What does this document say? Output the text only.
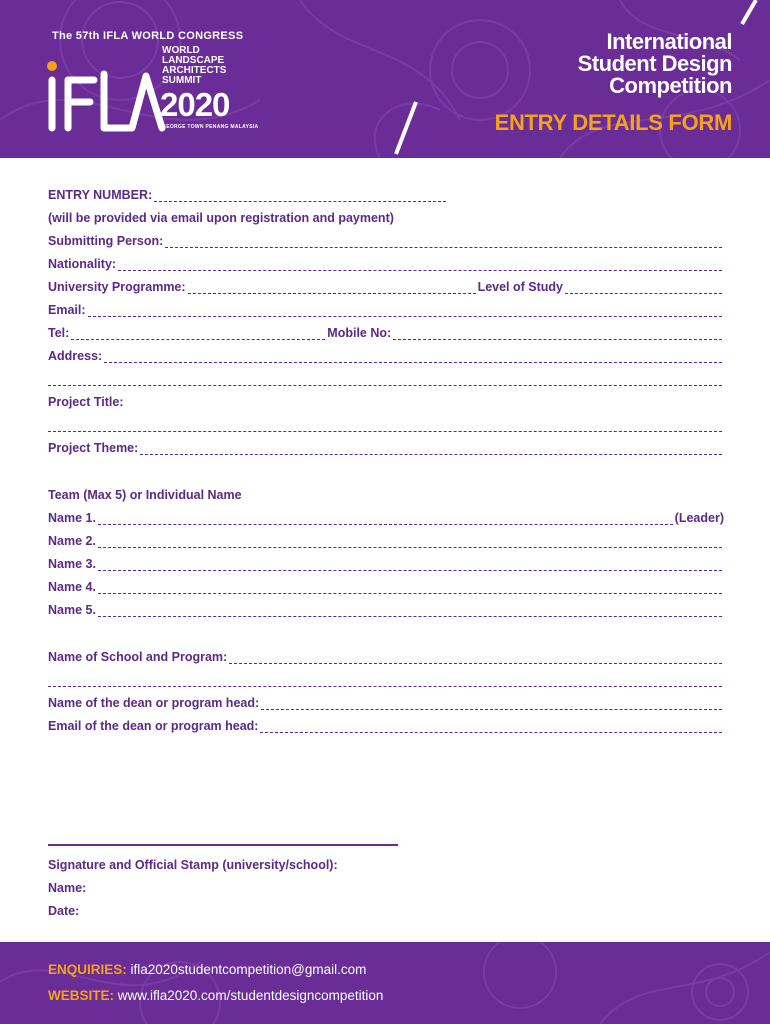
The 57th IFLA WORLD CONGRESS
WORLD
LANDSCAPE
ARCHITECTS
SUMMIT
2020
GEORGE TOWN PENANG MALAYSIA
International
Student Design
Competition
ENTRY DETAILS FORM
ENTRY NUMBER:
(will be provided via email upon registration and payment)
Submitting Person:
Nationality:
University Programme:	Level of Study
Email:
Tel:	Mobile No:
Address:
Project Title:
Project Theme:
Team (Max 5) or Individual Name
Name 1.	(Leader)
Name 2.
Name 3.
Name 4.
Name 5.
Name of School and Program:
Name of the dean or program head:
Email of the dean or program head:
Signature and Official Stamp (university/school):
Name:
Date:
ENQUIRIES: ifla2020studentcompetition@gmail.com
WEBSITE: www.ifla2020.com/studentdesigncompetition
